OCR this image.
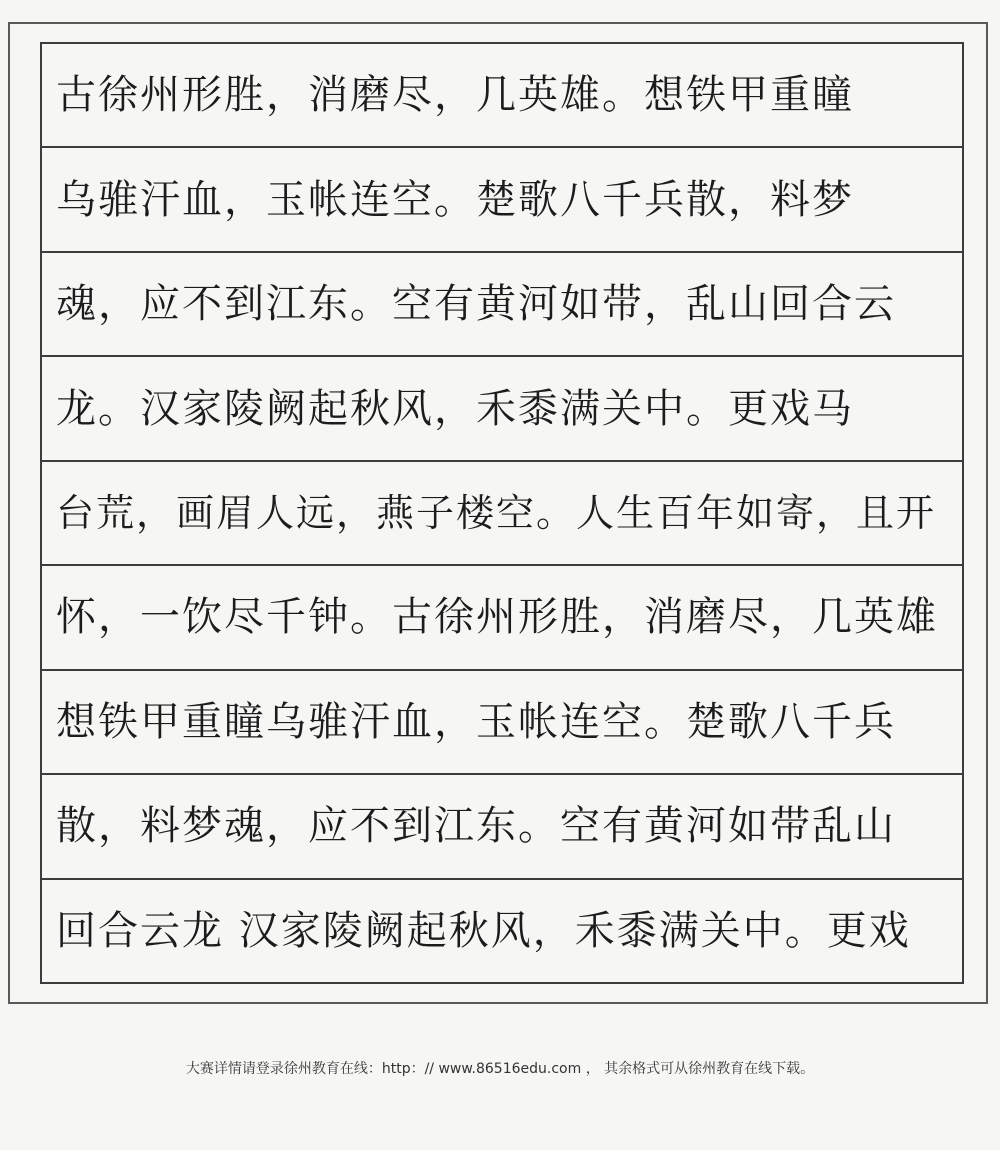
古徐州形胜，消磨尽，几英雄。想铁甲重瞳
乌骓汗血，玉帐连空。楚歌八千兵散，料梦
魂，应不到江东。空有黄河如带，乱山回合云
龙。汉家陵阙起秋风，禾黍满关中。更戏马
台荒，画眉人远，燕子楼空。人生百年如寄，且开
怀，一饮尽千钟。古徐州形胜，消磨尽，几英雄
想铁甲重瞳乌骓汗血，玉帐连空。楚歌八千兵
散，料梦魂，应不到江东。空有黄河如带乱山
回合云龙 汉家陵阙起秋风，禾黍满关中。更戏
大赛详情请登录徐州教育在线：http：// www.86516edu.com ， 其余格式可从徐州教育在线下载。
